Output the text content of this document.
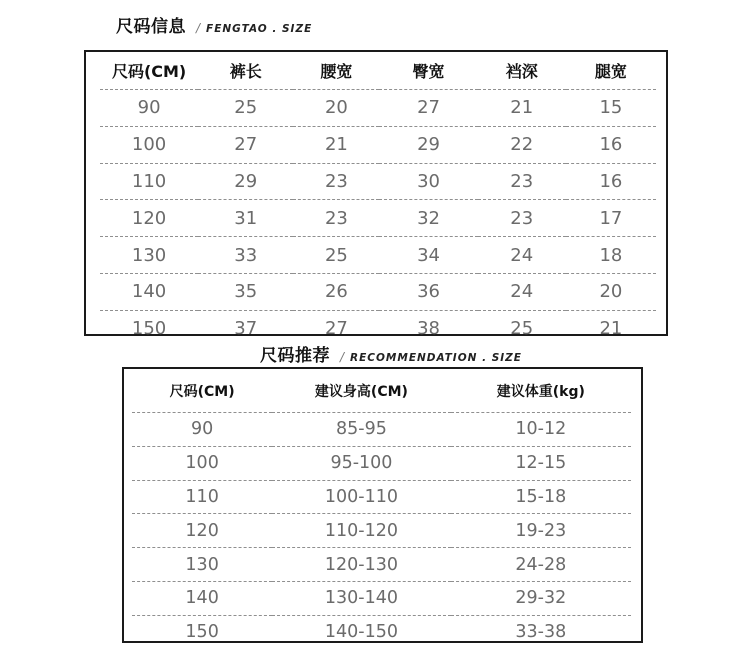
尺码信息 / FENGTAO . SIZE
尺码(CM)	裤长	腰宽	臀宽	裆深	腿宽
90	25	20	27	21	15
100	27	21	29	22	16
110	29	23	30	23	16
120	31	23	32	23	17
130	33	25	34	24	18
140	35	26	36	24	20
150	37	27	38	25	21
尺码推荐 / RECOMMENDATION . SIZE
尺码(CM)	建议身高(CM)	建议体重(kg)
90	85-95	10-12
100	95-100	12-15
110	100-110	15-18
120	110-120	19-23
130	120-130	24-28
140	130-140	29-32
150	140-150	33-38
